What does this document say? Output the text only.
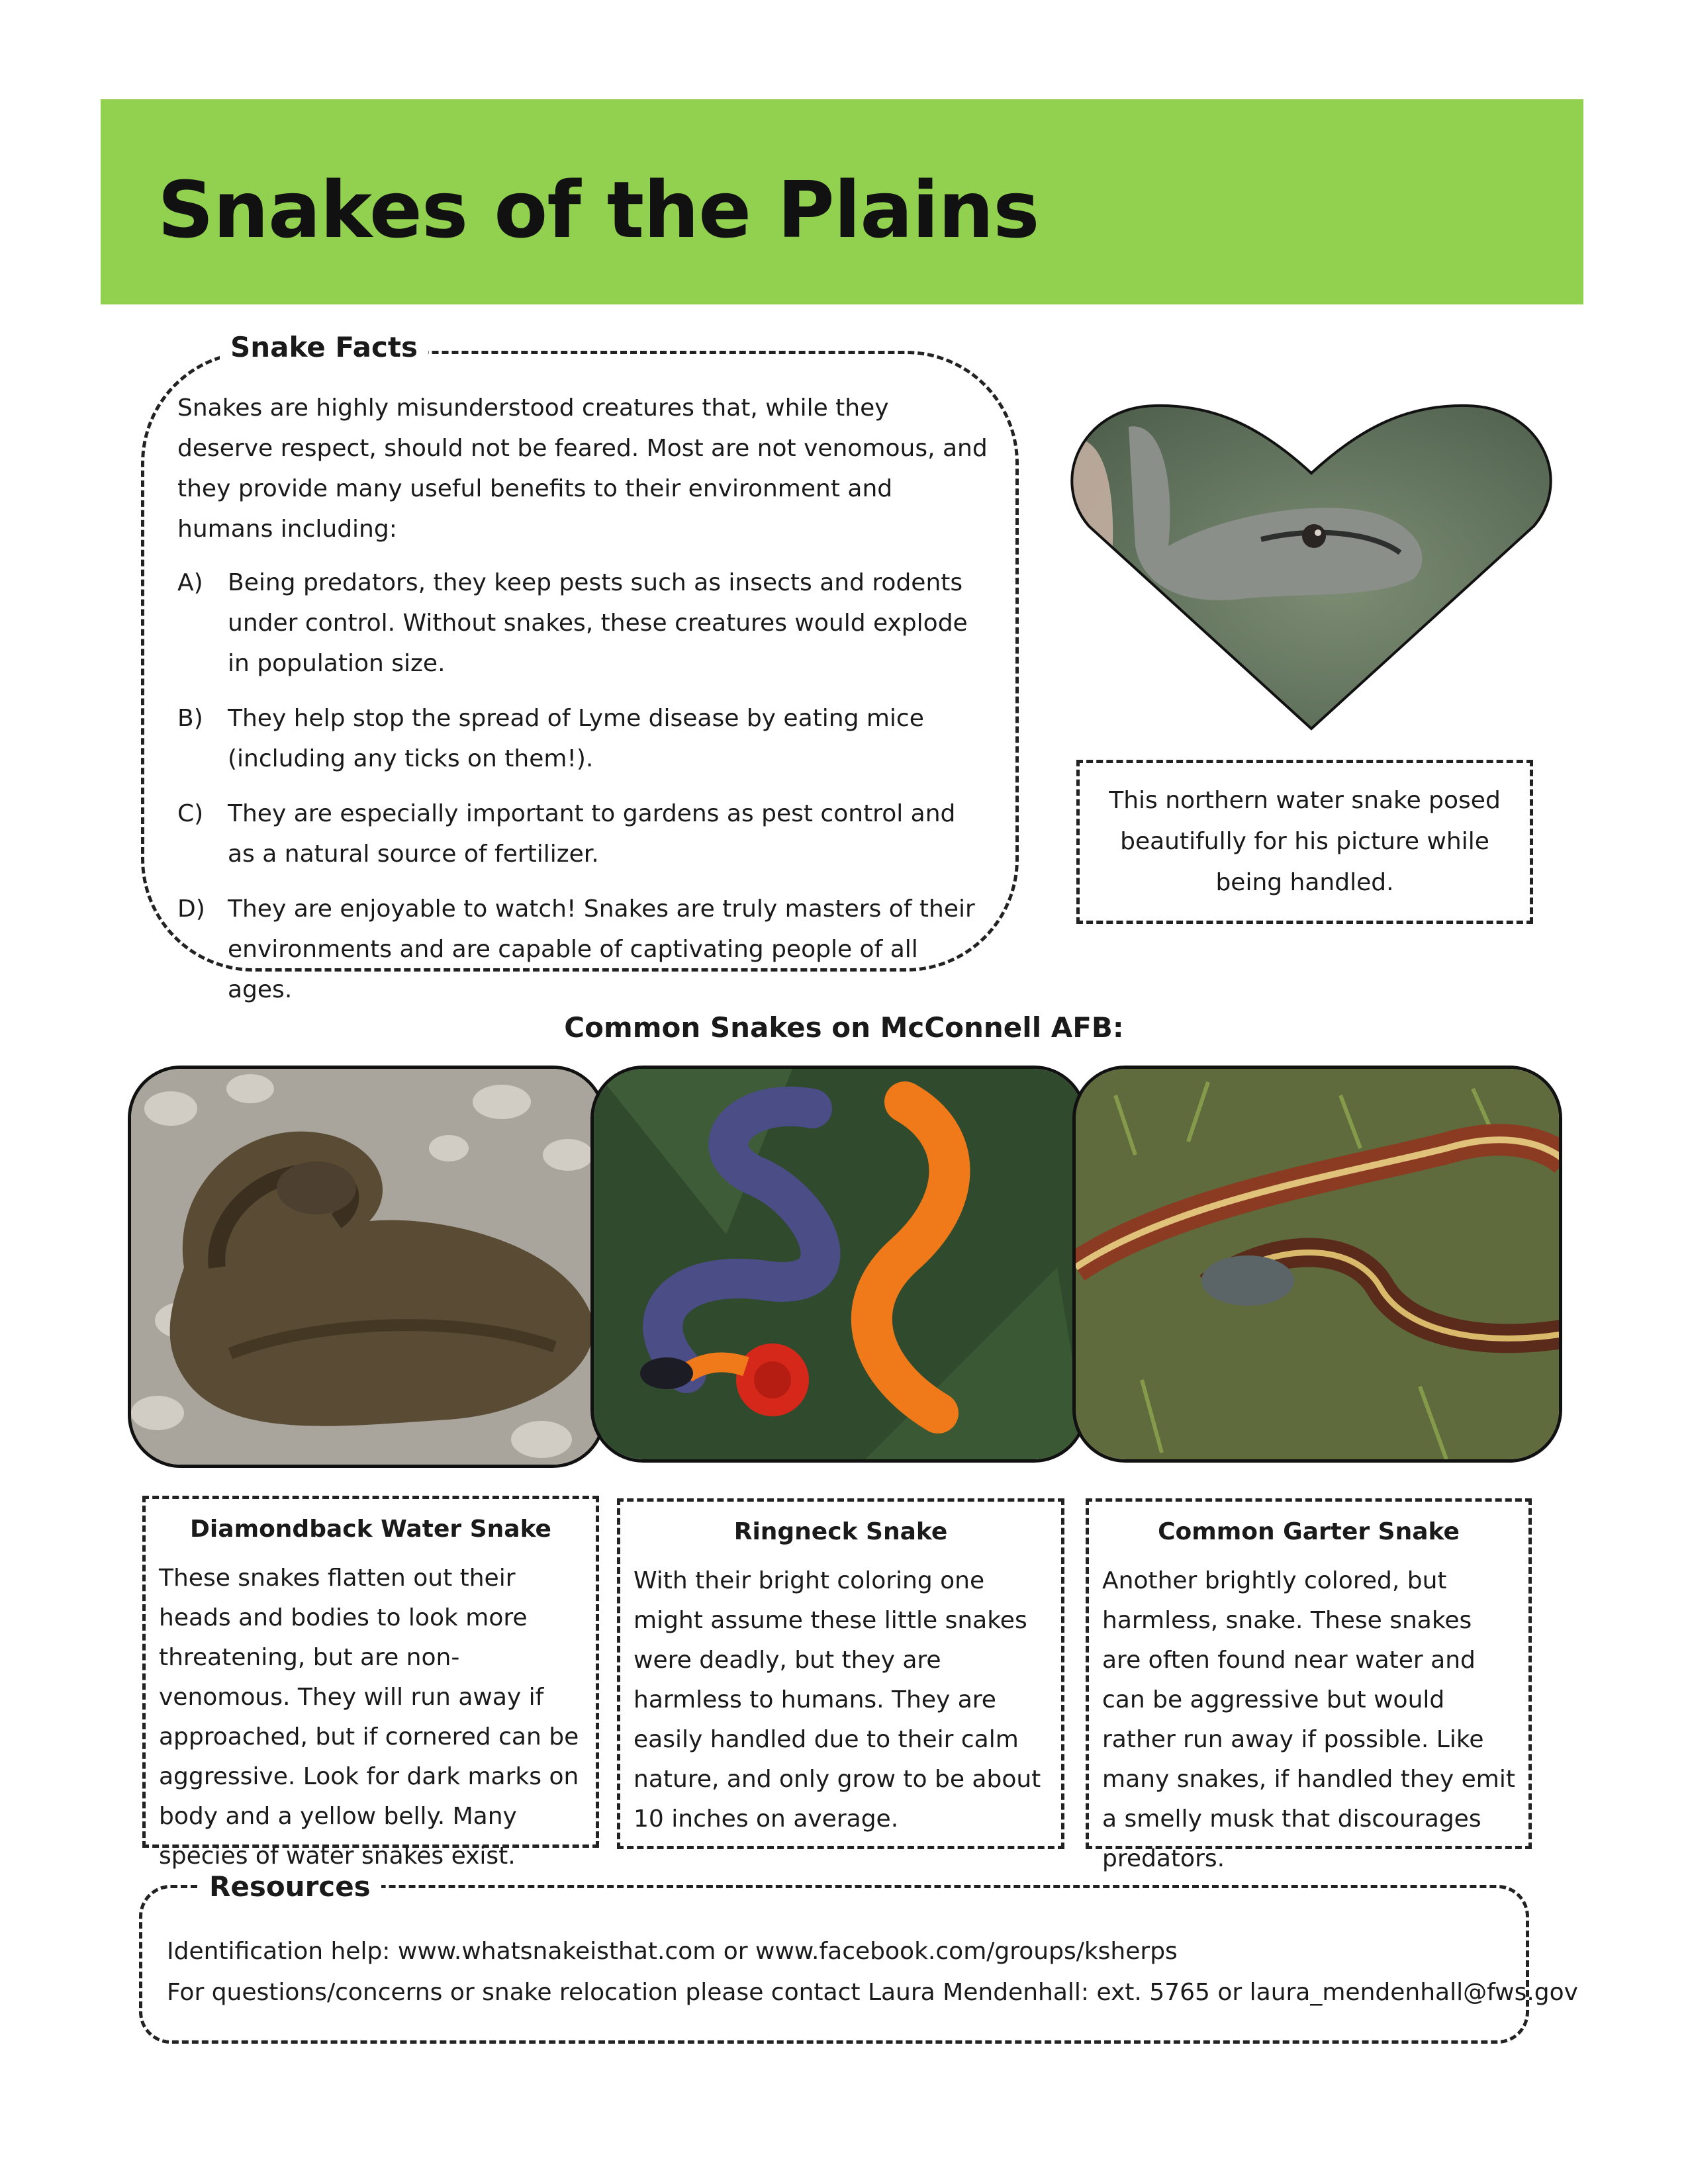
Snakes of the Plains
Snake Facts

Snakes are highly misunderstood creatures that, while they deserve respect, should not be feared. Most are not venomous, and they provide many useful benefits to their environment and humans including:

A) Being predators, they keep pests such as insects and rodents under control. Without snakes, these creatures would explode in population size.
B) They help stop the spread of Lyme disease by eating mice (including any ticks on them!).
C) They are especially important to gardens as pest control and as a natural source of fertilizer.
D) They are enjoyable to watch! Snakes are truly masters of their environments and are capable of captivating people of all ages.
This northern water snake posed beautifully for his picture while being handled.
Common Snakes on McConnell AFB:
Diamondback Water Snake

These snakes flatten out their heads and bodies to look more threatening, but are non-venomous. They will run away if approached, but if cornered can be aggressive. Look for dark marks on body and a yellow belly. Many species of water snakes exist.

Ringneck Snake

With their bright coloring one might assume these little snakes were deadly, but they are harmless to humans. They are easily handled due to their calm nature, and only grow to be about 10 inches on average.

Common Garter Snake

Another brightly colored, but harmless, snake. These snakes are often found near water and can be aggressive but would rather run away if possible. Like many snakes, if handled they emit a smelly musk that discourages predators.

Resources
Identification help: www.whatsnakeisthat.com or www.facebook.com/groups/ksherps
For questions/concerns or snake relocation please contact Laura Mendenhall: ext. 5765 or laura_mendenhall@fws.gov
